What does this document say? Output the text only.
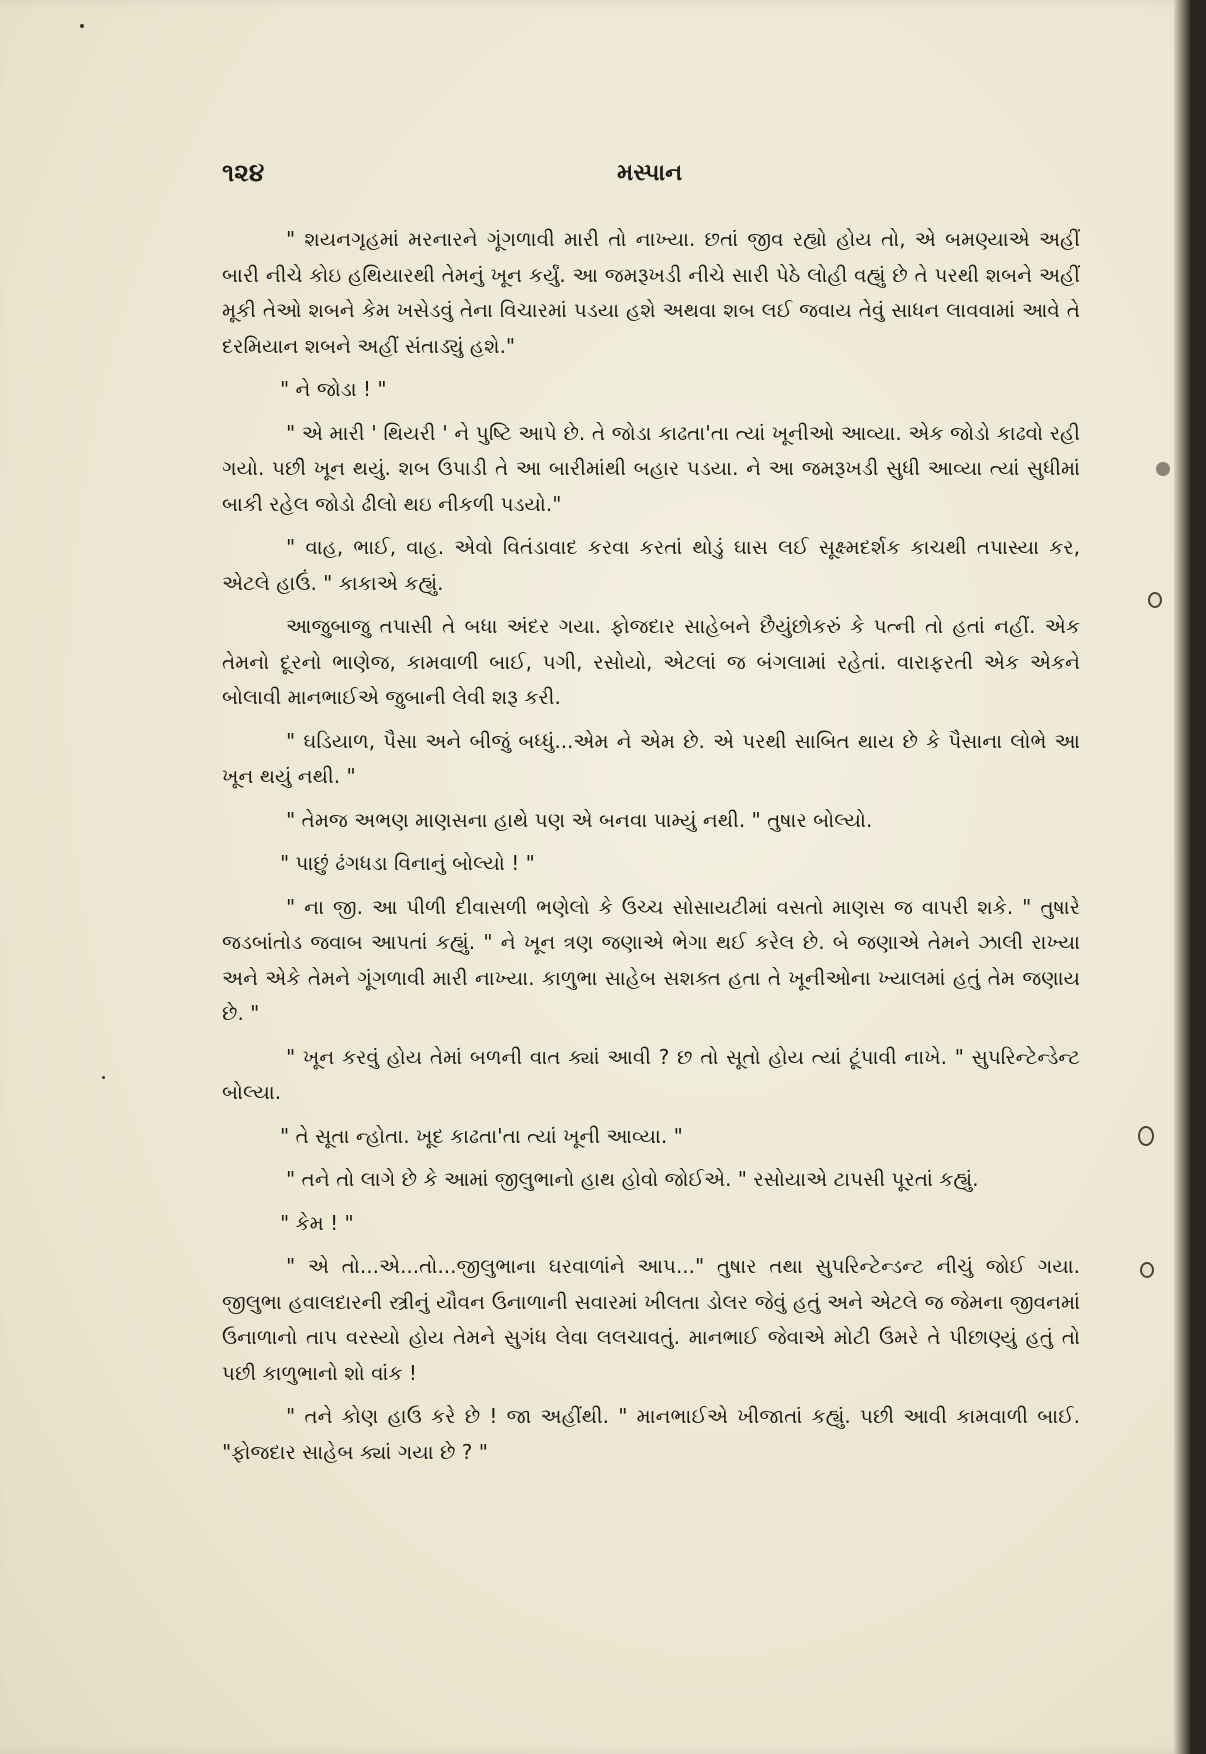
૧૨૪	મસ્પાન

" શયનગૃહમાં મરનારને ગૂંગળાવી મારી તો નાખ્યા. છતાં જીવ રહ્યો હોય તો, એ બમણ્યાએ અહીં બારી નીચે કોઇ હથિયારથી તેમનું ખૂન કર્યું. આ જમરૂખડી નીચે સારી પેઠે લોહી વહ્યું છે તે પરથી શબને અહીં મૂકી તેઓ શબને કેમ ખસેડવું તેના વિચારમાં પડયા હશે અથવા શબ લઈ જવાય તેવું સાધન લાવવામાં આવે તે દરમિયાન શબને અહીં સંતાડ્યું હશે."

" ને જોડા ! "

" એ મારી ' થિયરી ' ને પુષ્ટિ આપે છે. તે જોડા કાઢતા'તા ત્યાં ખૂનીઓ આવ્યા. એક જોડો કાઢવો રહી ગયો. પછી ખૂન થયું. શબ ઉપાડી તે આ બારીમાંથી બહાર પડયા. ને આ જમરૂખડી સુધી આવ્યા ત્યાં સુધીમાં બાકી રહેલ જોડો ઢીલો થઇ નીકળી પડયો."

" વાહ, ભાઈ, વાહ. એવો વિતંડાવાદ કરવા કરતાં થોડું ઘાસ લઈ સૂક્ષ્મદર્શક કાચથી તપાસ્યા કર, એટલે હાઉં. " કાકાએ કહ્યું.

આજુબાજુ તપાસી તે બધા અંદર ગયા. ફોજદાર સાહેબને છૈયુંછોકરું કે પત્ની તો હતાં નહીં. એક તેમનો દૂરનો ભાણેજ, કામવાળી બાઈ, પગી, રસોયો, એટલાં જ બંગલામાં રહેતાં. વારાફરતી એક એકને બોલાવી માનભાઈએ જુબાની લેવી શરૂ કરી.

" ઘડિયાળ, પૈસા અને બીજું બધ્ધું...એમ ને એમ છે. એ પરથી સાબિત થાય છે કે પૈસાના લોભે આ ખૂન થયું નથી. "

" તેમજ અભણ માણસના હાથે પણ એ બનવા પામ્યું નથી. " તુષાર બોલ્યો.

" પાછું ઢંગધડા વિનાનું બોલ્યો ! "

" ના જી. આ પીળી દીવાસળી ભણેલો કે ઉચ્ચ સોસાયટીમાં વસતો માણસ જ વાપરી શકે. " તુષારે જડબાંતોડ જવાબ આપતાં કહ્યું. " ને ખૂન ત્રણ જણાએ ભેગા થઈ કરેલ છે. બે જણાએ તેમને ઝાલી રાખ્યા અને એકે તેમને ગૂંગળાવી મારી નાખ્યા. કાળુભા સાહેબ સશક્ત હતા તે ખૂનીઓના ખ્યાલમાં હતું તેમ જણાય છે. "

" ખૂન કરવું હોય તેમાં બળની વાત ક્યાં આવી ? છ તો સૂતો હોય ત્યાં ટૂંપાવી નાખે. " સુપરિન્ટેન્ડેન્ટ બોલ્યા.

" તે સૂતા ન્હોતા. ખૂદ કાઢતા'તા ત્યાં ખૂની આવ્યા. "

" તને તો લાગે છે કે આમાં જીલુભાનો હાથ હોવો જોઈએ. " રસોયાએ ટાપસી પૂરતાં કહ્યું.

" કેમ ! "

" એ તો...એ...તો...જીલુભાના ઘરવાળાંને આપ..." તુષાર તથા સુપરિન્ટેન્ડન્ટ નીચું જોઈ ગયા. જીલુભા હવાલદારની સ્ત્રીનું યૌવન ઉનાળાની સવારમાં ખીલતા ડોલર જેવું હતું અને એટલે જ જેમના જીવનમાં ઉનાળાનો તાપ વરસ્યો હોય તેમને સુગંધ લેવા લલચાવતું. માનભાઈ જેવાએ મોટી ઉમરે તે પીછાણ્યું હતું તો પછી કાળુભાનો શો વાંક !

" તને કોણ હાઉ કરે છે ! જા અહીંથી. " માનભાઈએ ખીજાતાં કહ્યું. પછી આવી કામવાળી બાઈ. "ફોજદાર સાહેબ ક્યાં ગયા છે ? "
